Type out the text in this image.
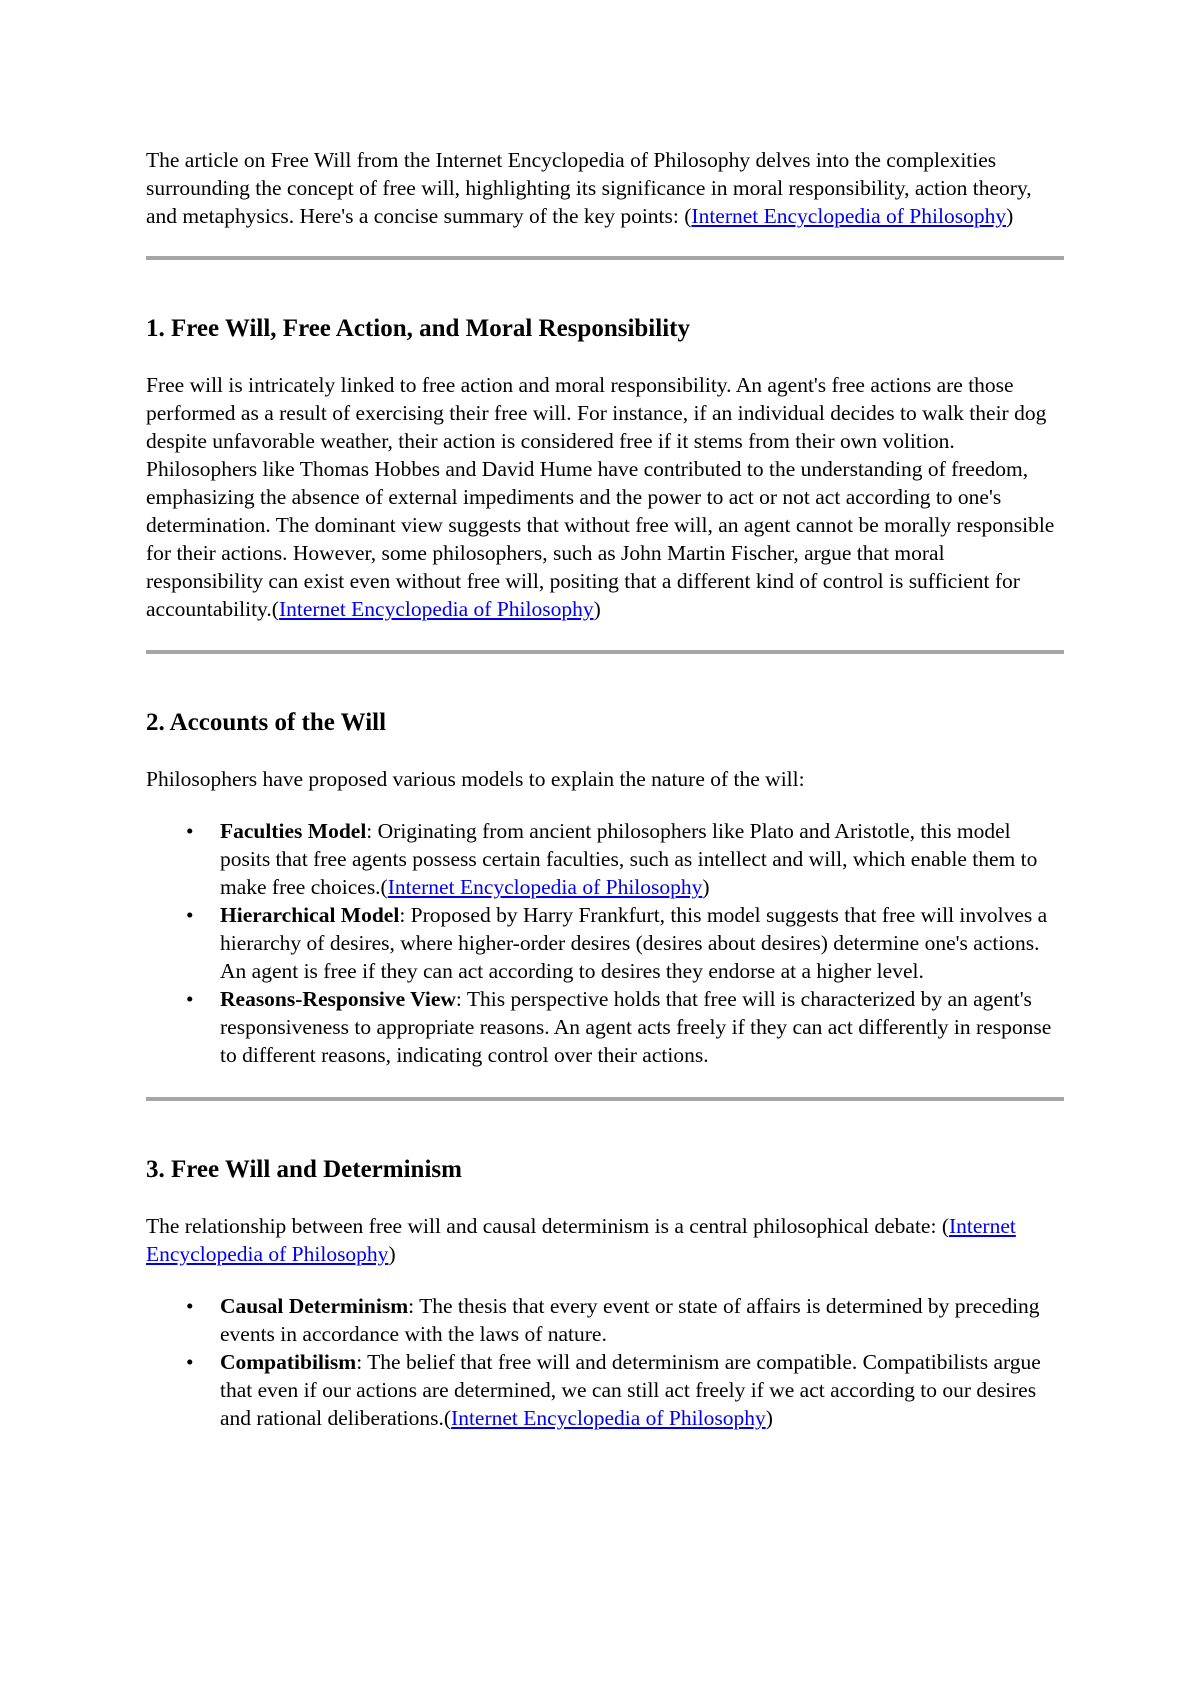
The article on Free Will from the Internet Encyclopedia of Philosophy delves into the complexities surrounding the concept of free will, highlighting its significance in moral responsibility, action theory, and metaphysics. Here's a concise summary of the key points: (Internet Encyclopedia of Philosophy)

1. Free Will, Free Action, and Moral Responsibility

Free will is intricately linked to free action and moral responsibility. An agent's free actions are those performed as a result of exercising their free will. For instance, if an individual decides to walk their dog despite unfavorable weather, their action is considered free if it stems from their own volition. Philosophers like Thomas Hobbes and David Hume have contributed to the understanding of freedom, emphasizing the absence of external impediments and the power to act or not act according to one's determination. The dominant view suggests that without free will, an agent cannot be morally responsible for their actions. However, some philosophers, such as John Martin Fischer, argue that moral responsibility can exist even without free will, positing that a different kind of control is sufficient for accountability.(Internet Encyclopedia of Philosophy)

2. Accounts of the Will

Philosophers have proposed various models to explain the nature of the will:

• Faculties Model: Originating from ancient philosophers like Plato and Aristotle, this model posits that free agents possess certain faculties, such as intellect and will, which enable them to make free choices.(Internet Encyclopedia of Philosophy)
• Hierarchical Model: Proposed by Harry Frankfurt, this model suggests that free will involves a hierarchy of desires, where higher-order desires (desires about desires) determine one's actions. An agent is free if they can act according to desires they endorse at a higher level.
• Reasons-Responsive View: This perspective holds that free will is characterized by an agent's responsiveness to appropriate reasons. An agent acts freely if they can act differently in response to different reasons, indicating control over their actions.
3. Free Will and Determinism

The relationship between free will and causal determinism is a central philosophical debate: (Internet Encyclopedia of Philosophy)

• Causal Determinism: The thesis that every event or state of affairs is determined by preceding events in accordance with the laws of nature.
• Compatibilism: The belief that free will and determinism are compatible. Compatibilists argue that even if our actions are determined, we can still act freely if we act according to our desires and rational deliberations.(Internet Encyclopedia of Philosophy)
